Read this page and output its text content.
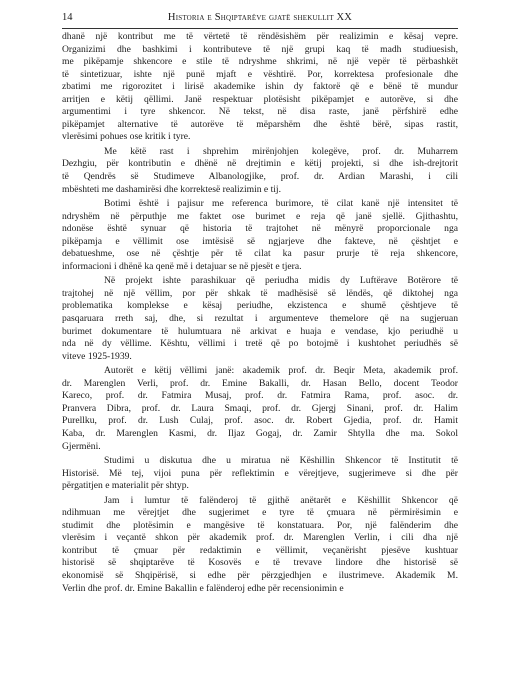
14	Historia e Shqiptarëve gjatë shekullit XX
dhanë një kontribut me të vërtetë të rëndësishëm për realizimin e kësaj vepre.
Organizimi dhe bashkimi i kontributeve të një grupi kaq të madh studiuesish,
me pikëpamje shkencore e stile të ndryshme shkrimi, në një vepër të përbashkët
të sintetizuar, ishte një punë mjaft e vështirë. Por, korrektesa profesionale dhe
zbatimi me rigorozitet i lirisë akademike ishin dy faktorë që e bënë të mundur
arritjen e këtij qëllimi. Janë respektuar plotësisht pikëpamjet e autorëve, si dhe
argumentimi i tyre shkencor. Në tekst, në disa raste, janë përfshirë edhe
pikëpamjet alternative të autorëve të mëparshëm dhe është bërë, sipas rastit,
vlerësimi pohues ose kritik i tyre.
Me këtë rast i shprehim mirënjohjen kolegëve, prof. dr. Muharrem
Dezhgiu, për kontributin e dhënë në drejtimin e këtij projekti, si dhe ish-drejtorit
të Qendrës së Studimeve Albanologjike, prof. dr. Ardian Marashi, i cili
mbështeti me dashamirësi dhe korrektesë realizimin e tij.
Botimi është i pajisur me referenca burimore, të cilat kanë një intensitet të
ndryshëm në përputhje me faktet ose burimet e reja që janë sjellë. Gjithashtu,
ndonëse është synuar që historia të trajtohet në mënyrë proporcionale nga
pikëpamja e vëllimit ose imtësisë së ngjarjeve dhe fakteve, në çështjet e
debatueshme, ose në çështje për të cilat ka pasur prurje të reja shkencore,
informacioni i dhënë ka qenë më i detajuar se në pjesët e tjera.
Në projekt ishte parashikuar që periudha midis dy Luftërave Botërore të
trajtohej në një vëllim, por për shkak të madhësisë së lëndës, që diktohej nga
problematika komplekse e kësaj periudhe, ekzistenca e shumë çështjeve të
pasqaruara rreth saj, dhe, si rezultat i argumenteve themelore që na sugjeruan
burimet dokumentare të hulumtuara në arkivat e huaja e vendase, kjo periudhë u
nda në dy vëllime. Kështu, vëllimi i tretë që po botojmë i kushtohet periudhës së
viteve 1925-1939.
Autorët e këtij vëllimi janë: akademik prof. dr. Beqir Meta, akademik prof.
dr. Marenglen Verli, prof. dr. Emine Bakalli, dr. Hasan Bello, docent Teodor
Kareco, prof. dr. Fatmira Musaj, prof. dr. Fatmira Rama, prof. asoc. dr.
Pranvera Dibra, prof. dr. Laura Smaqi, prof. dr. Gjergj Sinani, prof. dr. Halim
Purellku, prof. dr. Lush Culaj, prof. asoc. dr. Robert Gjedia, prof. dr. Hamit
Kaba, dr. Marenglen Kasmi, dr. Iljaz Gogaj, dr. Zamir Shtylla dhe ma. Sokol
Gjermëni.
Studimi u diskutua dhe u miratua në Këshillin Shkencor të Institutit të
Historisë. Më tej, vijoi puna për reflektimin e vërejtjeve, sugjerimeve si dhe për
përgatitjen e materialit për shtyp.
Jam i lumtur të falënderoj të gjithë anëtarët e Këshillit Shkencor që
ndihmuan me vërejtjet dhe sugjerimet e tyre të çmuara në përmirësimin e
studimit dhe plotësimin e mangësive të konstatuara. Por, një falënderim dhe
vlerësim i veçantë shkon për akademik prof. dr. Marenglen Verlin, i cili dha një
kontribut të çmuar për redaktimin e vëllimit, veçanërisht pjesëve kushtuar
historisë së shqiptarëve të Kosovës e të trevave lindore dhe historisë së
ekonomisë së Shqipërisë, si edhe për përzgjedhjen e ilustrimeve. Akademik M.
Verlin dhe prof. dr. Emine Bakallin e falënderoj edhe për recensionimin e
